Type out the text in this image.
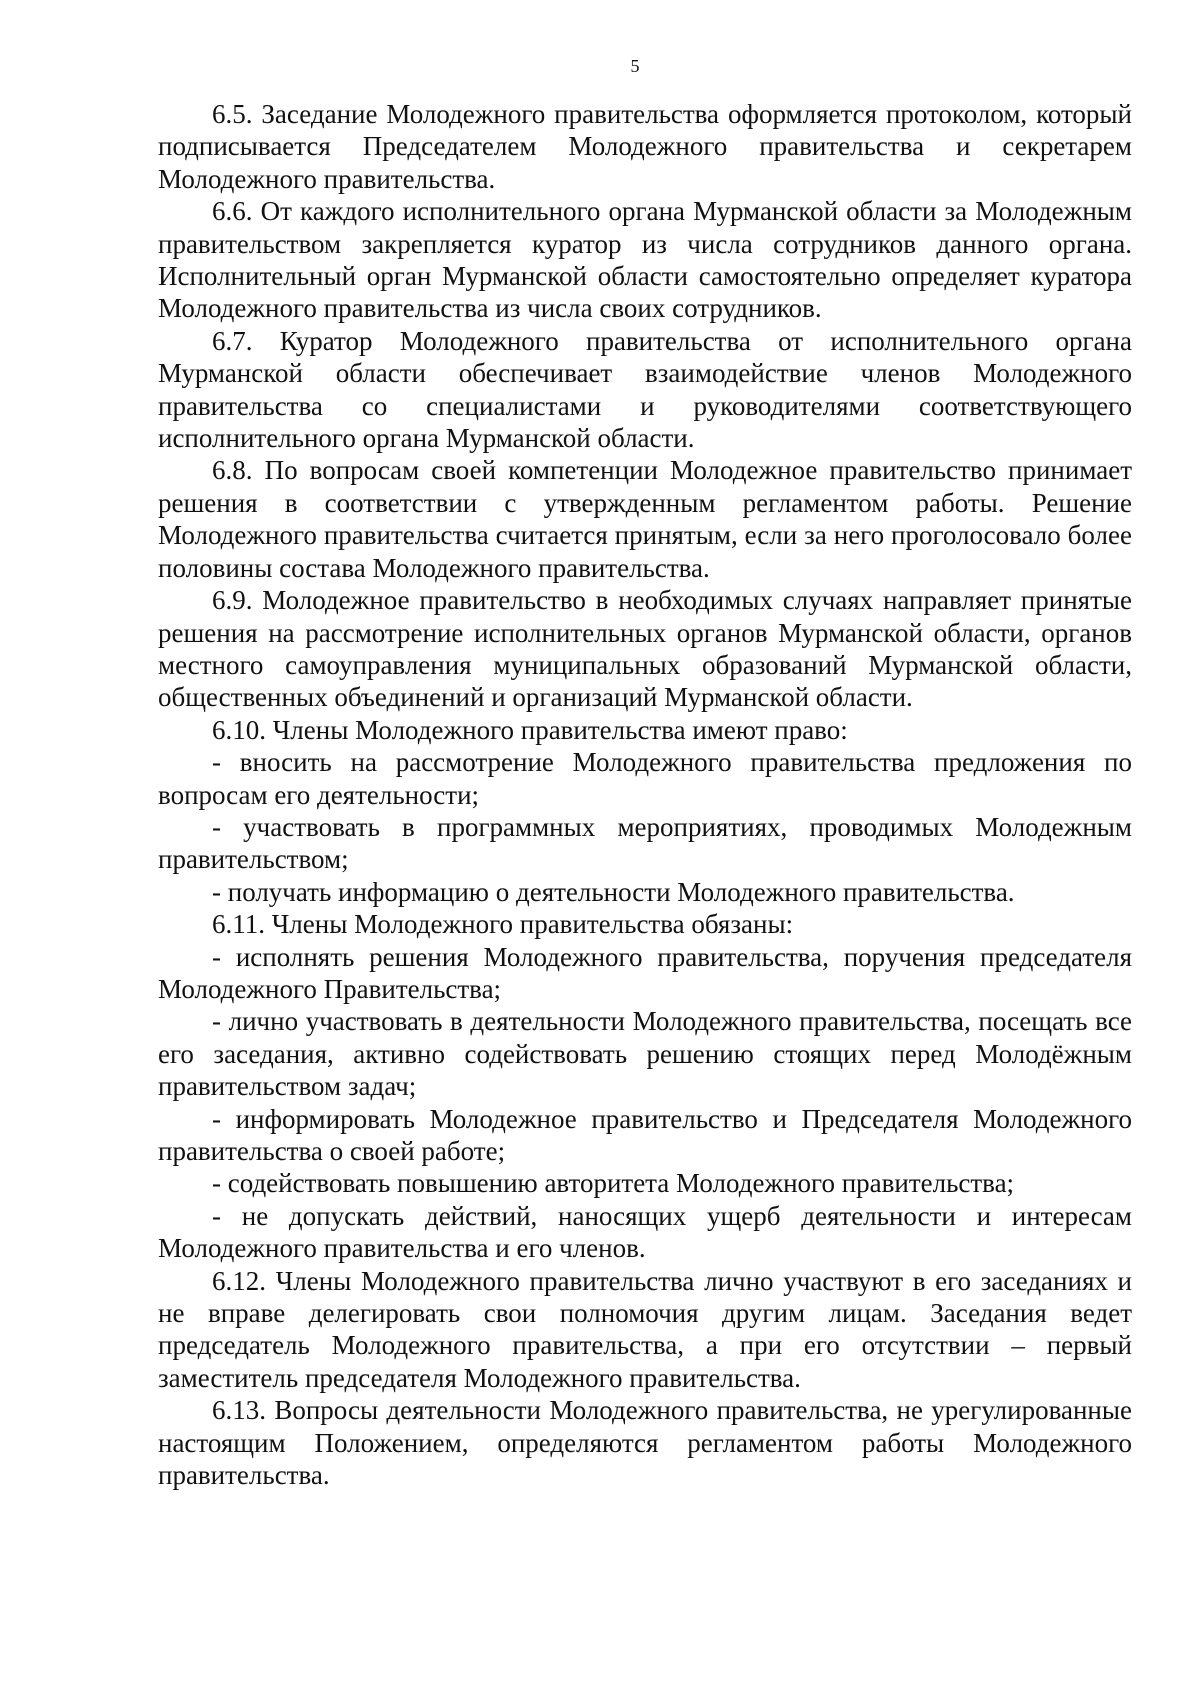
5

6.5. Заседание Молодежного правительства оформляется протоколом, который подписывается Председателем Молодежного правительства и секретарем Молодежного правительства.

6.6. От каждого исполнительного органа Мурманской области за Молодежным правительством закрепляется куратор из числа сотрудников данного органа. Исполнительный орган Мурманской области самостоятельно определяет куратора Молодежного правительства из числа своих сотрудников.

6.7. Куратор Молодежного правительства от исполнительного органа Мурманской области обеспечивает взаимодействие членов Молодежного правительства со специалистами и руководителями соответствующего исполнительного органа Мурманской области.

6.8. По вопросам своей компетенции Молодежное правительство принимает решения в соответствии с утвержденным регламентом работы. Решение Молодежного правительства считается принятым, если за него проголосовало более половины состава Молодежного правительства.

6.9. Молодежное правительство в необходимых случаях направляет принятые решения на рассмотрение исполнительных органов Мурманской области, органов местного самоуправления муниципальных образований Мурманской области, общественных объединений и организаций Мурманской области.

6.10. Члены Молодежного правительства имеют право:

- вносить на рассмотрение Молодежного правительства предложения по вопросам его деятельности;

- участвовать в программных мероприятиях, проводимых Молодежным правительством;

- получать информацию о деятельности Молодежного правительства.

6.11. Члены Молодежного правительства обязаны:

- исполнять решения Молодежного правительства, поручения председателя Молодежного Правительства;

- лично участвовать в деятельности Молодежного правительства, посещать все его заседания, активно содействовать решению стоящих перед Молодёжным правительством задач;

- информировать Молодежное правительство и Председателя Молодежного правительства о своей работе;

- содействовать повышению авторитета Молодежного правительства;

- не допускать действий, наносящих ущерб деятельности и интересам Молодежного правительства и его членов.

6.12. Члены Молодежного правительства лично участвуют в его заседаниях и не вправе делегировать свои полномочия другим лицам. Заседания ведет председатель Молодежного правительства, а при его отсутствии – первый заместитель председателя Молодежного правительства.

6.13. Вопросы деятельности Молодежного правительства, не урегулированные настоящим Положением, определяются регламентом работы Молодежного правительства.
